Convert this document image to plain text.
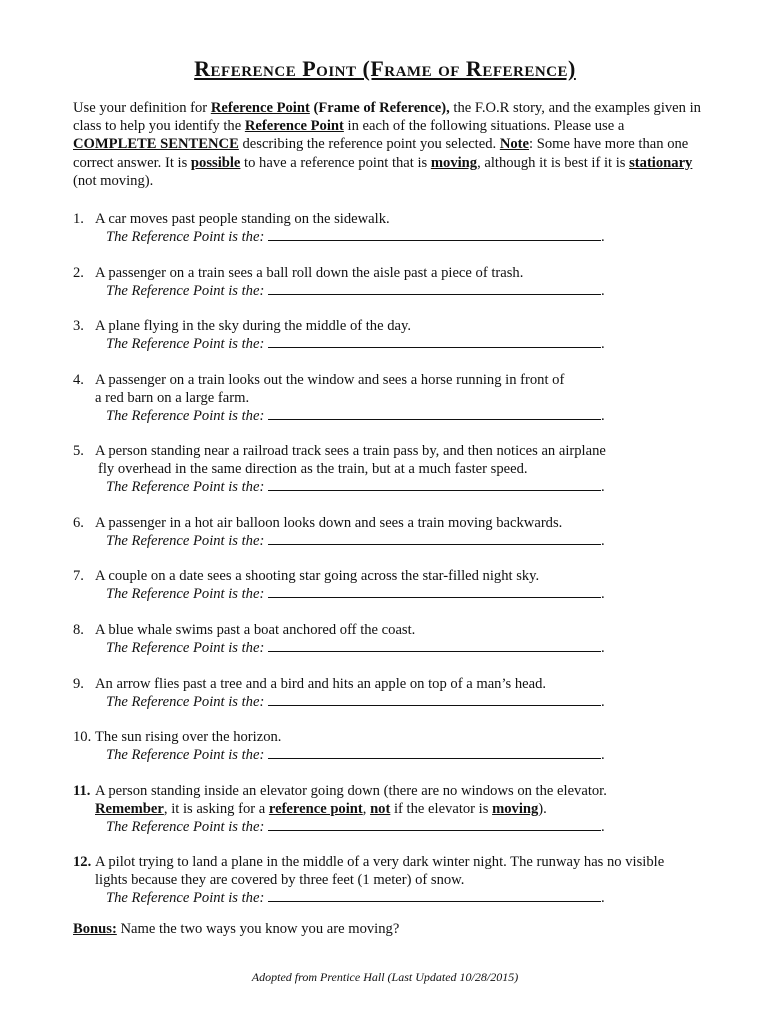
Reference Point (Frame of Reference)
Use your definition for Reference Point (Frame of Reference), the F.O.R story, and the examples given in class to help you identify the Reference Point in each of the following situations. Please use a COMPLETE SENTENCE describing the reference point you selected. Note: Some have more than one correct answer. It is possible to have a reference point that is moving, although it is best if it is stationary (not moving).
1. A car moves past people standing on the sidewalk.
The Reference Point is the:	.
2. A passenger on a train sees a ball roll down the aisle past a piece of trash.
The Reference Point is the:	.
3. A plane flying in the sky during the middle of the day.
The Reference Point is the:	.
4. A passenger on a train looks out the window and sees a horse running in front of
a red barn on a large farm.
The Reference Point is the:	.
5. A person standing near a railroad track sees a train pass by, and then notices an airplane
fly overhead in the same direction as the train, but at a much faster speed.
The Reference Point is the:	.
6. A passenger in a hot air balloon looks down and sees a train moving backwards.
The Reference Point is the:	.
7. A couple on a date sees a shooting star going across the star-filled night sky.
The Reference Point is the:	.
8. A blue whale swims past a boat anchored off the coast.
The Reference Point is the:	.
9. An arrow flies past a tree and a bird and hits an apple on top of a man’s head.
The Reference Point is the:	.
10. The sun rising over the horizon.
The Reference Point is the:	.
11. A person standing inside an elevator going down (there are no windows on the elevator.
Remember, it is asking for a reference point, not if the elevator is moving).
The Reference Point is the:	.
12. A pilot trying to land a plane in the middle of a very dark winter night. The runway has no visible
lights because they are covered by three feet (1 meter) of snow.
The Reference Point is the:	.
Bonus: Name the two ways you know you are moving?
Adopted from Prentice Hall (Last Updated 10/28/2015)
